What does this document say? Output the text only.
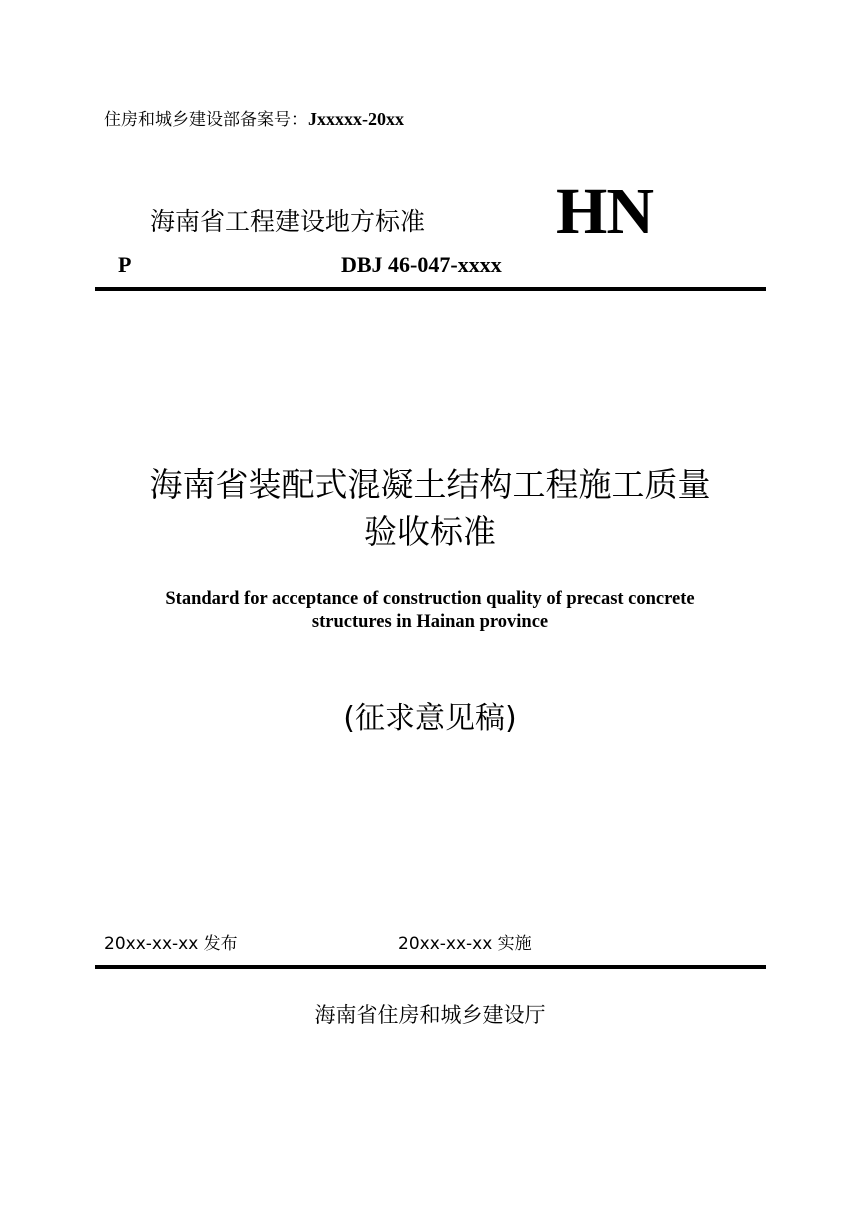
住房和城乡建设部备案号：Jxxxxx-20xx
海南省工程建设地方标准 HN
P	DBJ 46-047-xxxx
海南省装配式混凝土结构工程施工质量
验收标准
Standard for acceptance of construction quality of precast concrete
structures in Hainan province
(征求意见稿)
20xx-xx-xx 发布	20xx-xx-xx 实施
海南省住房和城乡建设厅
